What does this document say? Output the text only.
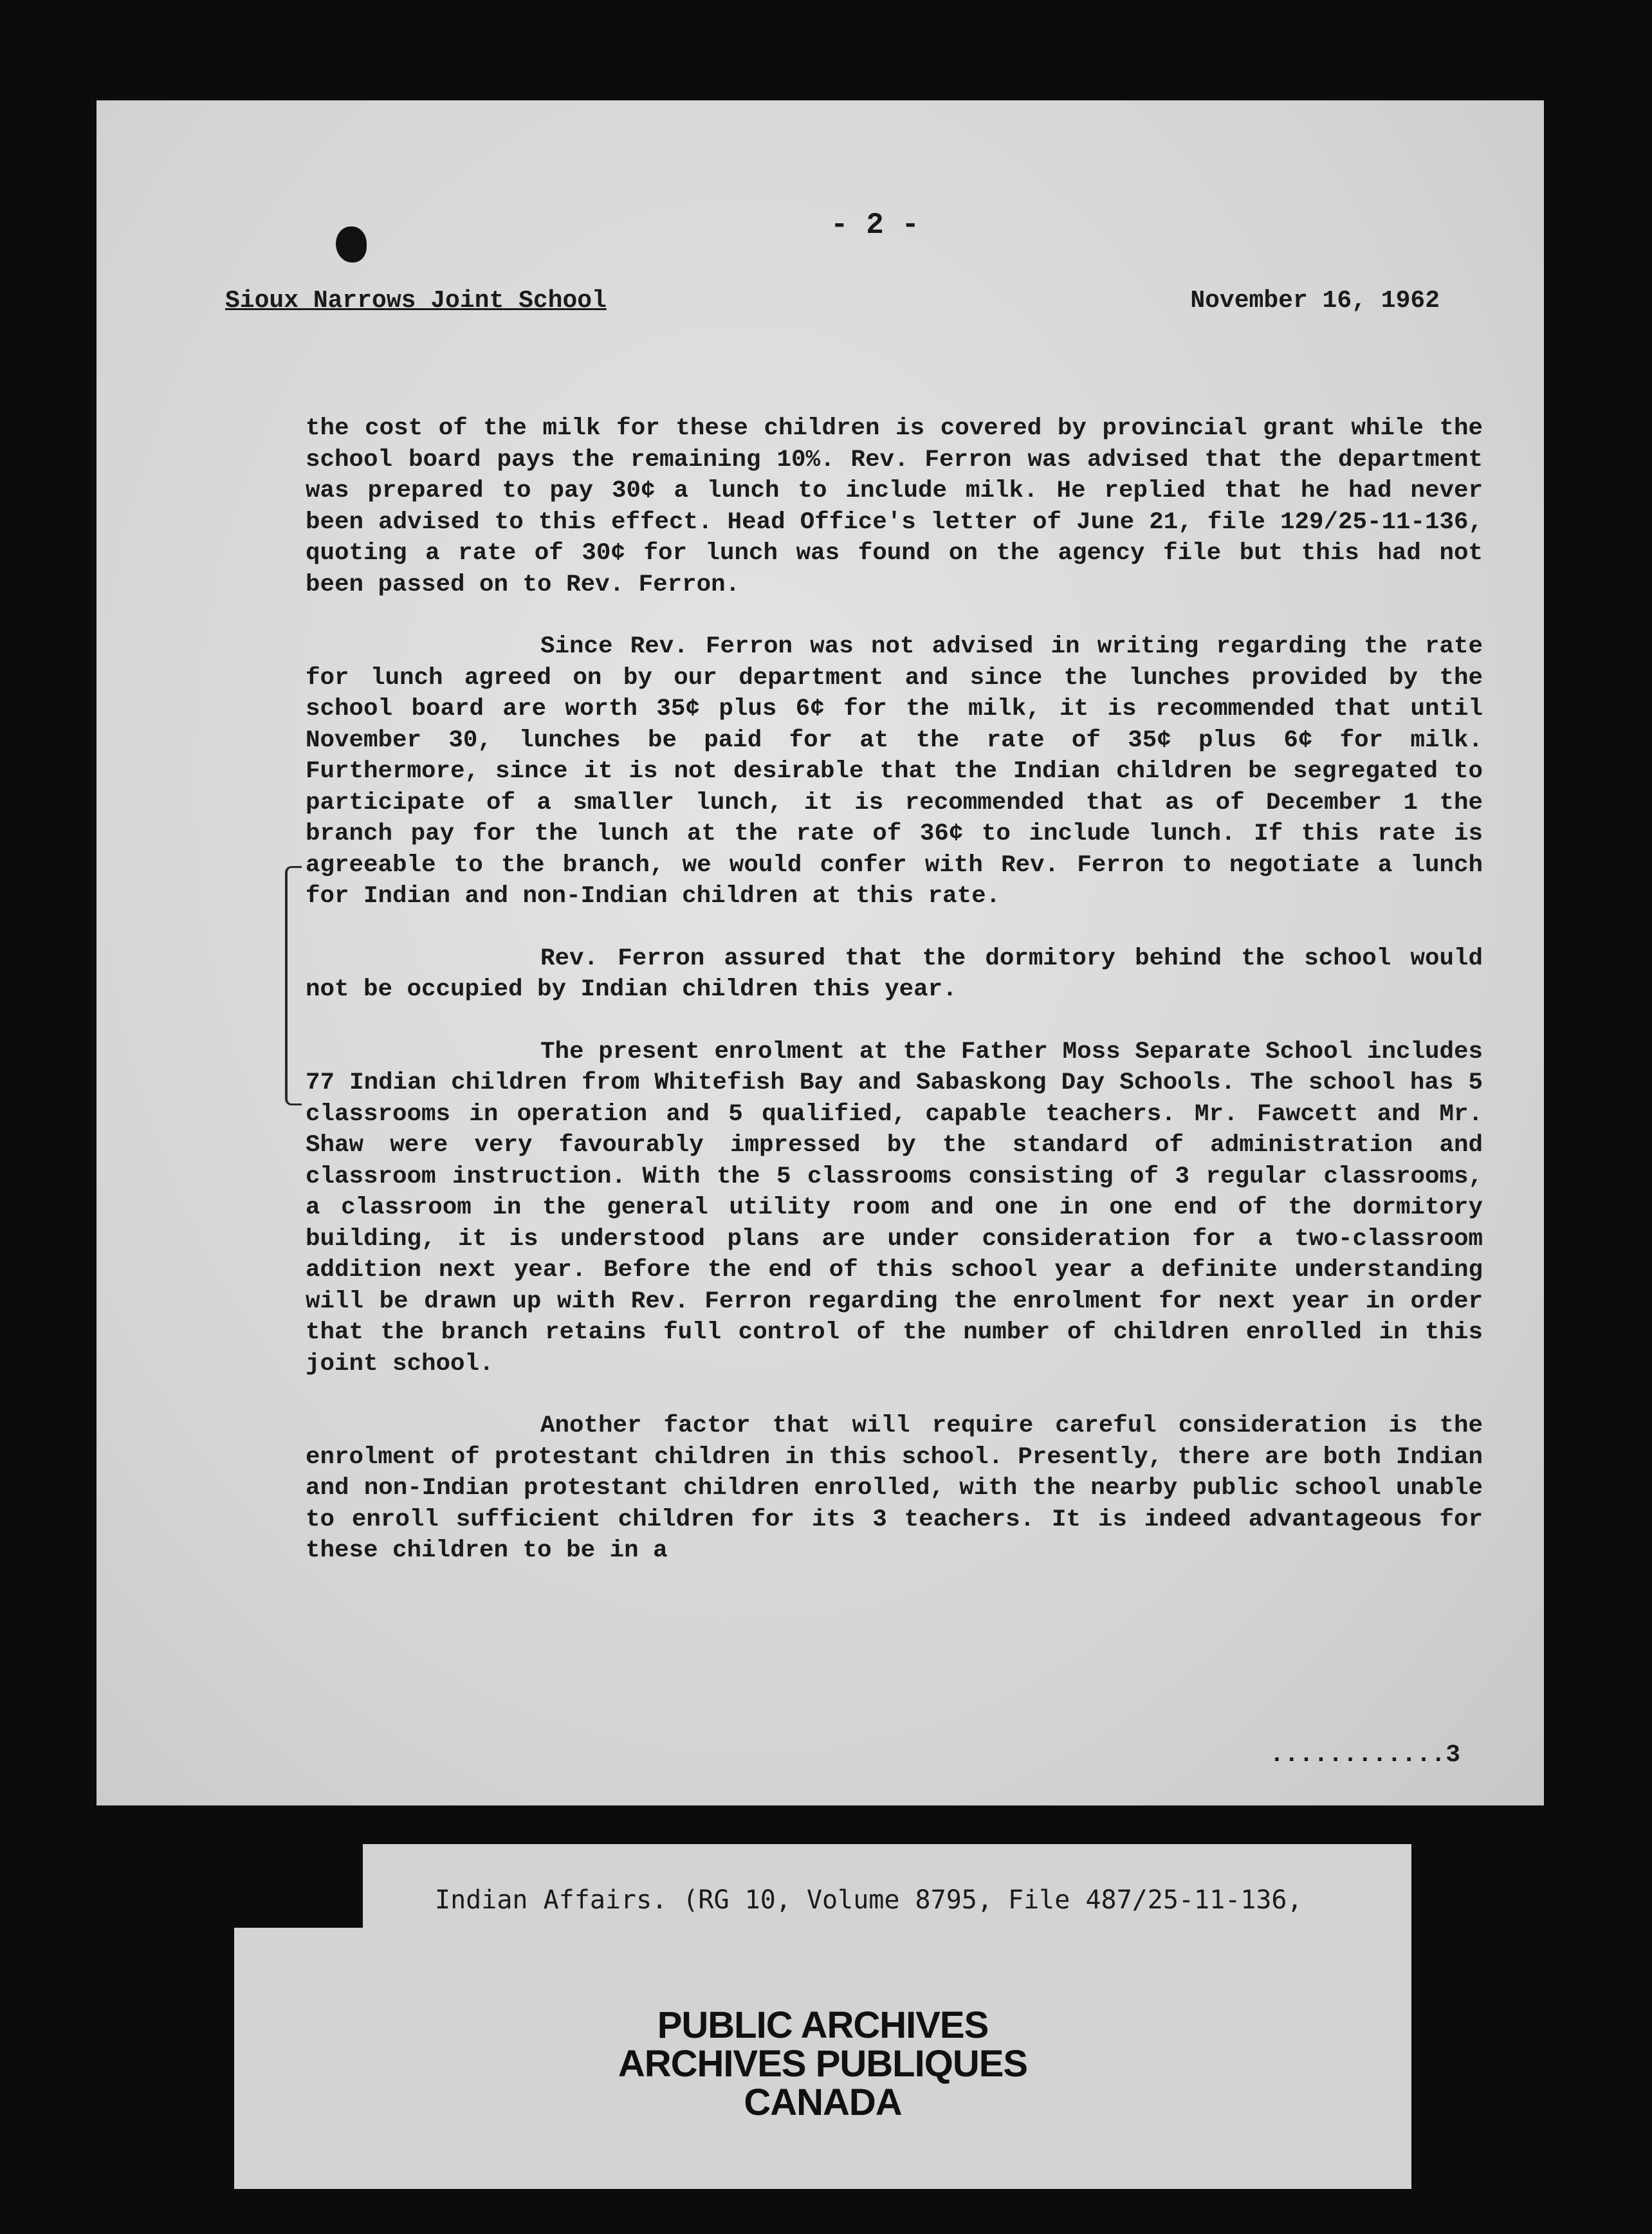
- 2 -

Sioux Narrows Joint School	November 16, 1962

the cost of the milk for these children is covered by provincial grant while the school board pays the remaining 10%. Rev. Ferron was advised that the department was prepared to pay 30¢ a lunch to include milk. He replied that he had never been advised to this effect. Head Office's letter of June 21, file 129/25-11-136, quoting a rate of 30¢ for lunch was found on the agency file but this had not been passed on to Rev. Ferron.

Since Rev. Ferron was not advised in writing regarding the rate for lunch agreed on by our department and since the lunches provided by the school board are worth 35¢ plus 6¢ for the milk, it is recommended that until November 30, lunches be paid for at the rate of 35¢ plus 6¢ for milk. Furthermore, since it is not desirable that the Indian children be segregated to participate of a smaller lunch, it is recommended that as of December 1 the branch pay for the lunch at the rate of 36¢ to include lunch. If this rate is agreeable to the branch, we would confer with Rev. Ferron to negotiate a lunch for Indian and non-Indian children at this rate.

Rev. Ferron assured that the dormitory behind the school would not be occupied by Indian children this year.

The present enrolment at the Father Moss Separate School includes 77 Indian children from Whitefish Bay and Sabaskong Day Schools. The school has 5 classrooms in operation and 5 qualified, capable teachers. Mr. Fawcett and Mr. Shaw were very favourably impressed by the standard of administration and classroom instruction. With the 5 classrooms consisting of 3 regular classrooms, a classroom in the general utility room and one in one end of the dormitory building, it is understood plans are under consideration for a two-classroom addition next year. Before the end of this school year a definite understanding will be drawn up with Rev. Ferron regarding the enrolment for next year in order that the branch retains full control of the number of children enrolled in this joint school.

Another factor that will require careful consideration is the enrolment of protestant children in this school. Presently, there are both Indian and non-Indian protestant children enrolled, with the nearby public school unable to enroll sufficient children for its 3 teachers. It is indeed advantageous for these children to be in a

............3

Indian Affairs. (RG 10, Volume 8795, File 487/25-11-136,

PUBLIC ARCHIVES
ARCHIVES PUBLIQUES
CANADA
